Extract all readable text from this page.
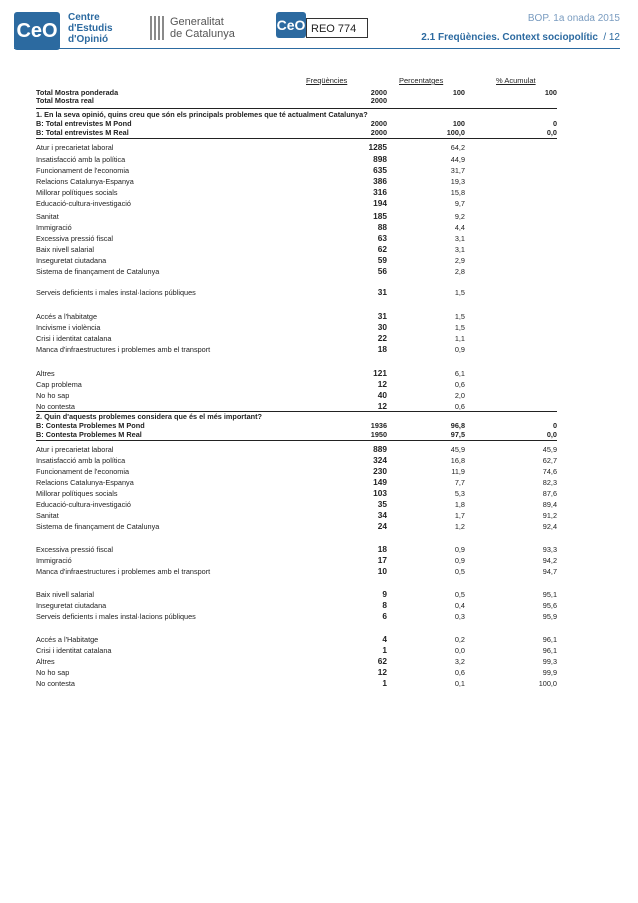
CeO
Centre
d'Estudis
d'Opinió
Generalitat
de Catalunya
CeO REO 774
BOP. 1a onada 2015
2.1 Freqüències. Context sociopolític / 12
Freqüències	Percentatges	% Acumulat
Total Mostra ponderada	2000	100	100
Total Mostra real	2000
1. En la seva opinió, quins creu que són els principals problemes que té actualment Catalunya?
B: Total entrevistes M Pond	2000	100	0
B: Total entrevistes M Real	2000	100,0	0,0
Atur i precarietat laboral	1285	64,2
Insatisfacció amb la política	898	44,9
Funcionament de l'economia	635	31,7
Relacions Catalunya-Espanya	386	19,3
Millorar polítiques socials	316	15,8
Educació-cultura-investigació	194	9,7
Sanitat	185	9,2
Immigració	88	4,4
Excessiva pressió fiscal	63	3,1
Baix nivell salarial	62	3,1
Inseguretat ciutadana	59	2,9
Sistema de finançament de Catalunya	56	2,8
Serveis deficients i males instal·lacions públiques	31	1,5
Accés a l'habitatge	31	1,5
Incivisme i violència	30	1,5
Crisi i identitat catalana	22	1,1
Manca d'infraestructures i problemes amb el transport	18	0,9
Altres	121	6,1
Cap problema	12	0,6
No ho sap	40	2,0
No contesta	12	0,6
2. Quin d'aquests problemes considera que és el més important?
B: Contesta Problemes M Pond	1936	96,8	0
B: Contesta Problemes M Real	1950	97,5	0,0
Atur i precarietat laboral	889	45,9	45,9
Insatisfacció amb la política	324	16,8	62,7
Funcionament de l'economia	230	11,9	74,6
Relacions Catalunya-Espanya	149	7,7	82,3
Millorar polítiques socials	103	5,3	87,6
Educació-cultura-investigació	35	1,8	89,4
Sanitat	34	1,7	91,2
Sistema de finançament de Catalunya	24	1,2	92,4
Excessiva pressió fiscal	18	0,9	93,3
Immigració	17	0,9	94,2
Manca d'infraestructures i problemes amb el transport	10	0,5	94,7
Baix nivell salarial	9	0,5	95,1
Inseguretat ciutadana	8	0,4	95,6
Serveis deficients i males instal·lacions públiques	6	0,3	95,9
Accés a l'Habitatge	4	0,2	96,1
Crisi i identitat catalana	1	0,0	96,1
Altres	62	3,2	99,3
No ho sap	12	0,6	99,9
No contesta	1	0,1	100,0
